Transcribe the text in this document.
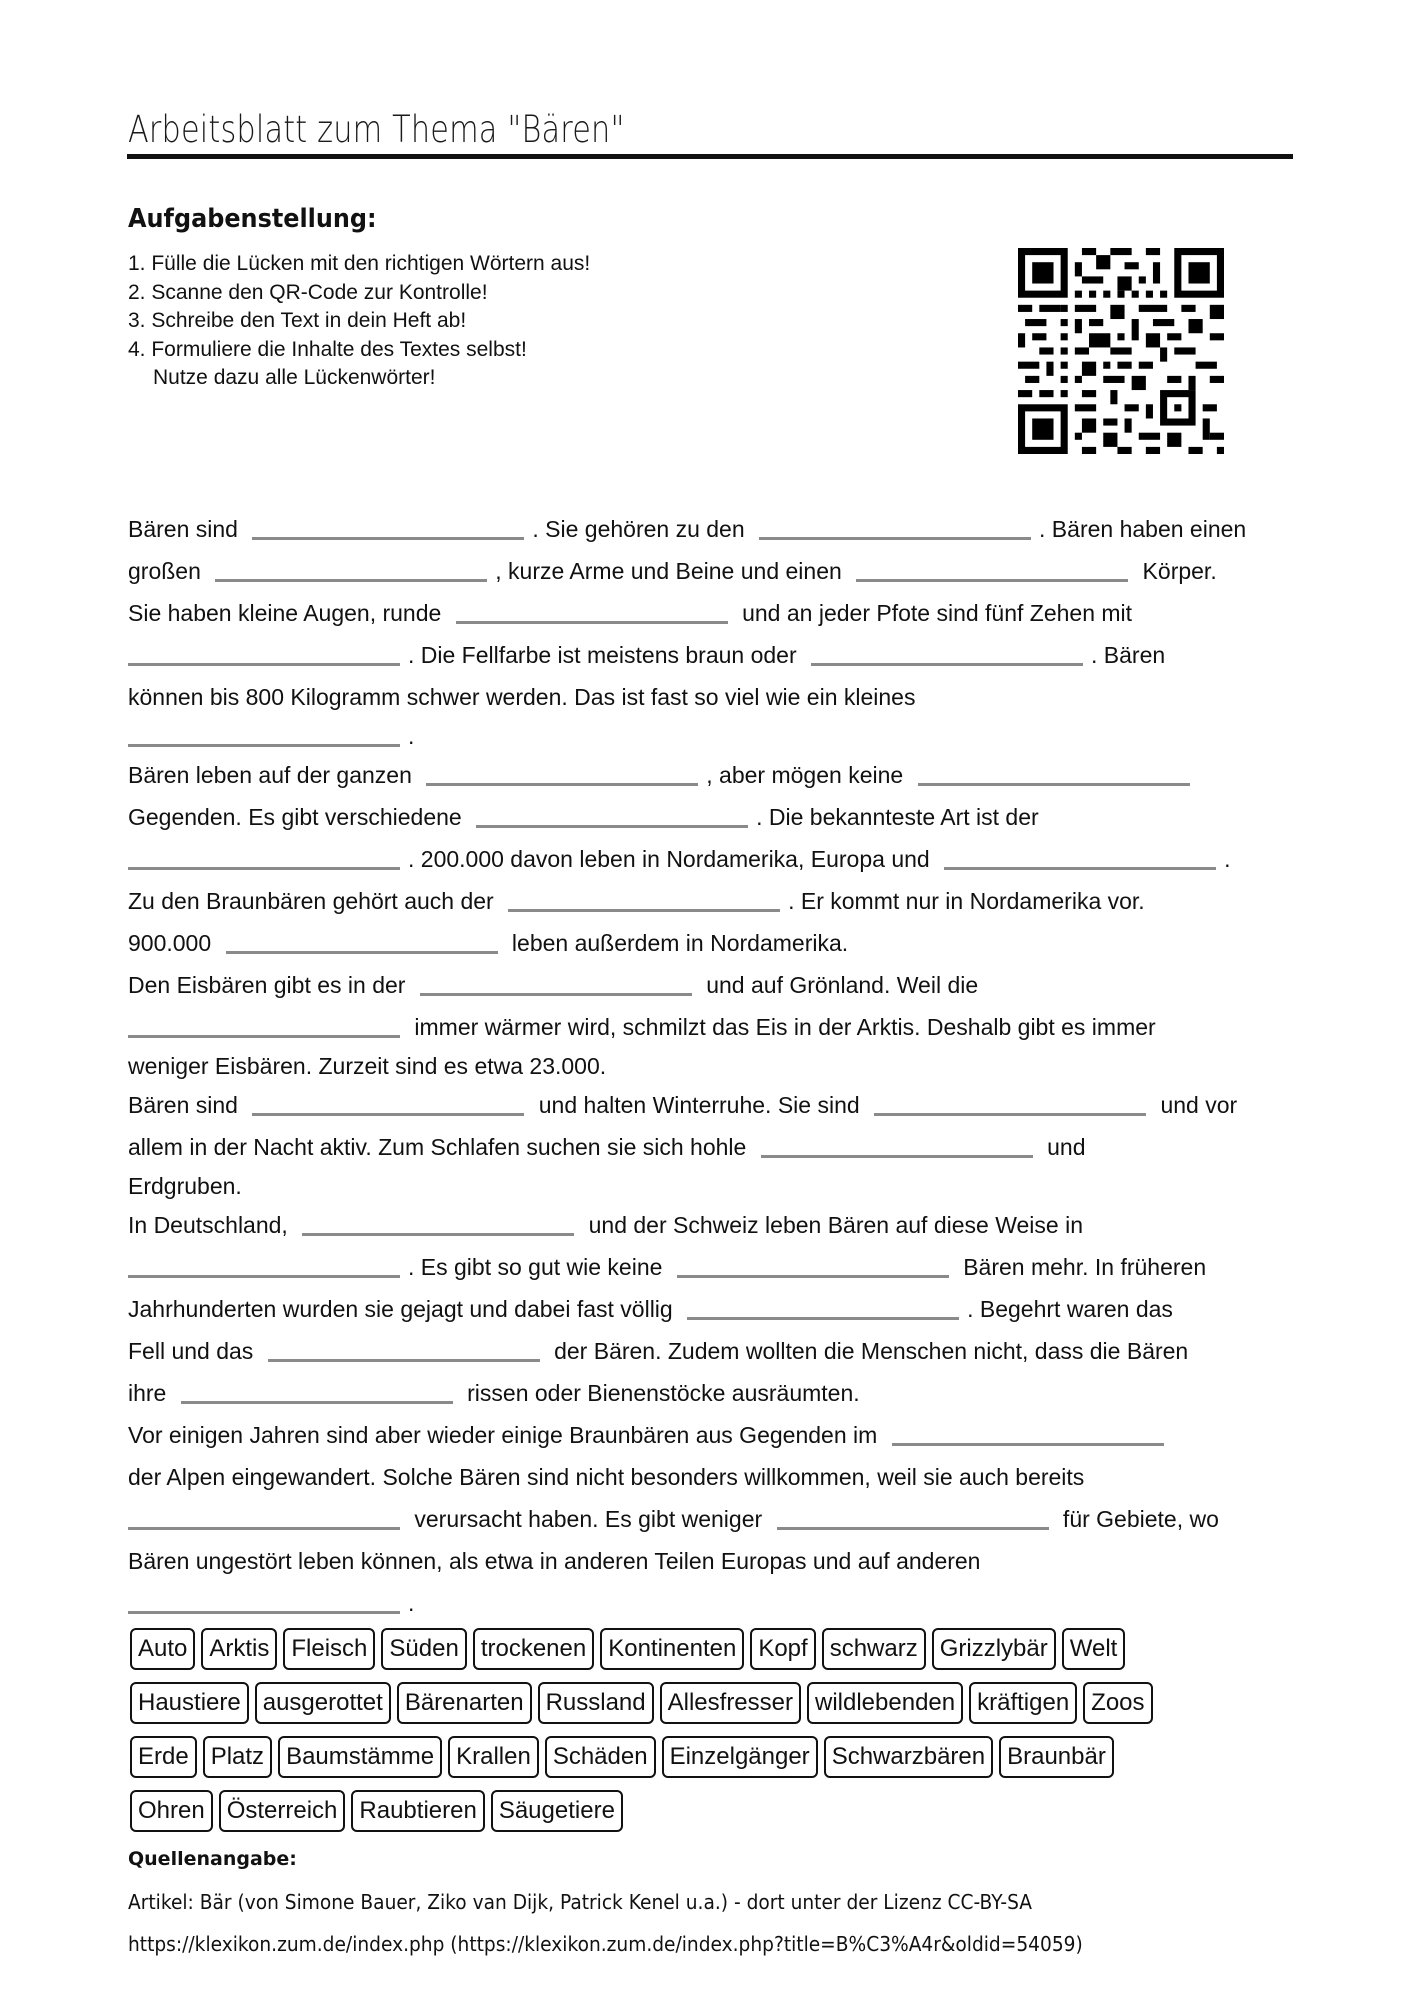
Arbeitsblatt zum Thema "Bären"
Aufgabenstellung:
1. Fülle die Lücken mit den richtigen Wörtern aus!
2. Scanne den QR-Code zur Kontrolle!
3. Schreibe den Text in dein Heft ab!
4. Formuliere die Inhalte des Textes selbst!
Nutze dazu alle Lückenwörter!
Bären sind	. Sie gehören zu den	. Bären haben einen
großen	, kurze Arme und Beine und einen	Körper.
Sie haben kleine Augen, runde	und an jeder Pfote sind fünf Zehen mit
. Die Fellfarbe ist meistens braun oder	. Bären
können bis 800 Kilogramm schwer werden. Das ist fast so viel wie ein kleines
.
Bären leben auf der ganzen	, aber mögen keine
Gegenden. Es gibt verschiedene	. Die bekannteste Art ist der
. 200.000 davon leben in Nordamerika, Europa und	.
Zu den Braunbären gehört auch der	. Er kommt nur in Nordamerika vor.
900.000	leben außerdem in Nordamerika.
Den Eisbären gibt es in der	und auf Grönland. Weil die
immer wärmer wird, schmilzt das Eis in der Arktis. Deshalb gibt es immer
weniger Eisbären. Zurzeit sind es etwa 23.000.
Bären sind	und halten Winterruhe. Sie sind	und vor
allem in der Nacht aktiv. Zum Schlafen suchen sie sich hohle	und
Erdgruben.
In Deutschland,	und der Schweiz leben Bären auf diese Weise in
. Es gibt so gut wie keine	Bären mehr. In früheren
Jahrhunderten wurden sie gejagt und dabei fast völlig	. Begehrt waren das
Fell und das	der Bären. Zudem wollten die Menschen nicht, dass die Bären
ihre	rissen oder Bienenstöcke ausräumten.
Vor einigen Jahren sind aber wieder einige Braunbären aus Gegenden im
der Alpen eingewandert. Solche Bären sind nicht besonders willkommen, weil sie auch bereits
verursacht haben. Es gibt weniger	für Gebiete, wo
Bären ungestört leben können, als etwa in anderen Teilen Europas und auf anderen
.
Auto Arktis Fleisch Süden trockenen Kontinenten Kopf schwarz Grizzlybär Welt
Haustiere ausgerottet Bärenarten Russland Allesfresser wildlebenden kräftigen Zoos
Erde Platz Baumstämme Krallen Schäden Einzelgänger Schwarzbären Braunbär
Ohren Österreich Raubtieren Säugetiere
Quellenangabe:
Artikel: Bär (von Simone Bauer, Ziko van Dijk, Patrick Kenel u.a.) - dort unter der Lizenz CC-BY-SA
https://klexikon.zum.de/index.php (https://klexikon.zum.de/index.php?title=B%C3%A4r&oldid=54059)
